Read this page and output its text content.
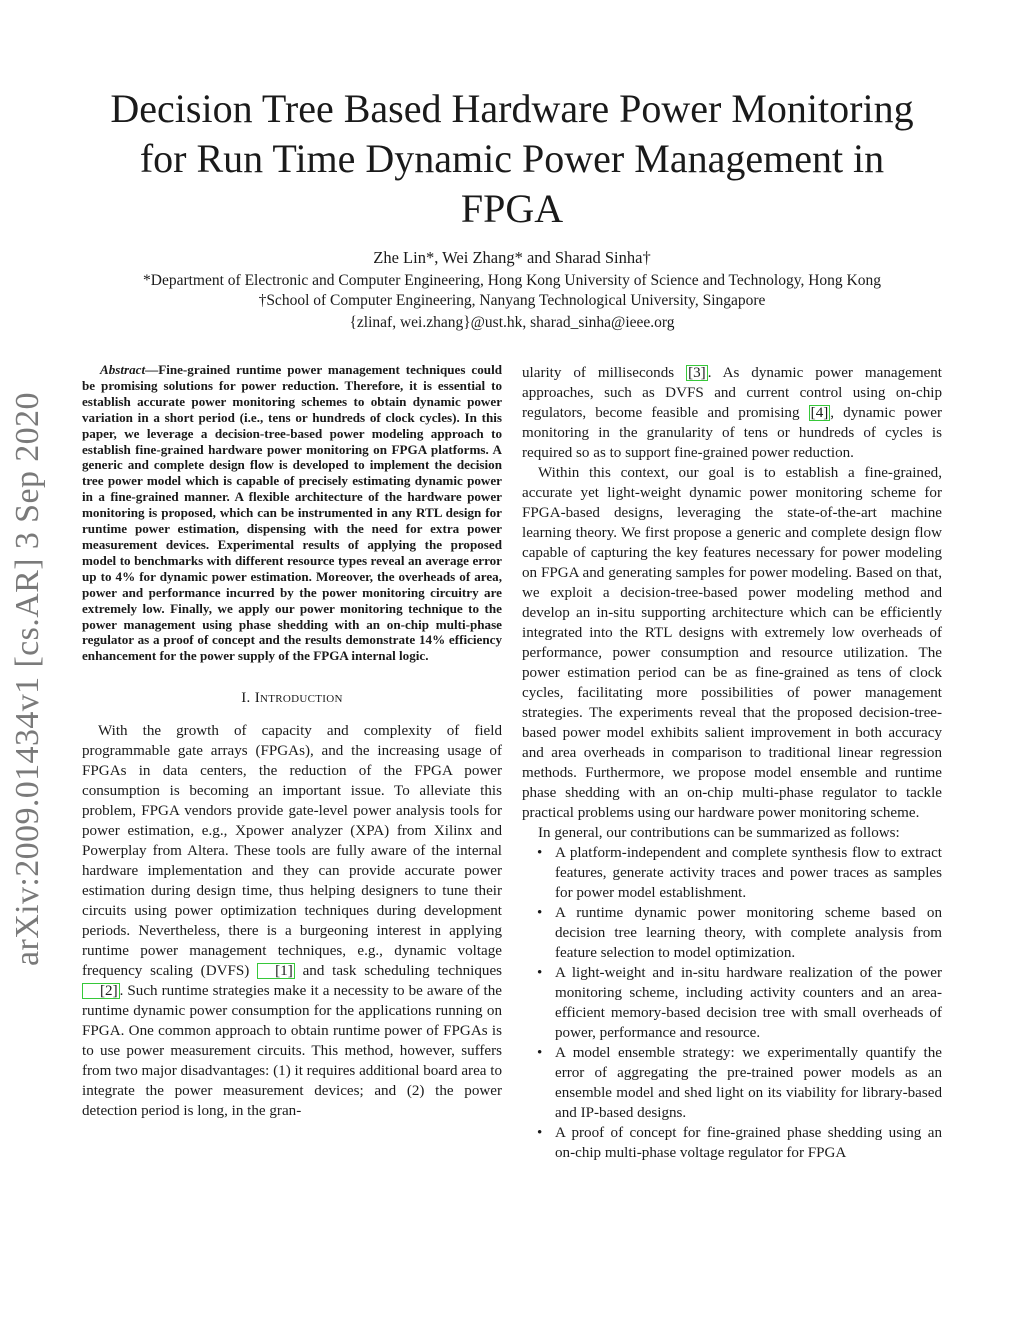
Decision Tree Based Hardware Power Monitoring
for Run Time Dynamic Power Management in
FPGA
Zhe Lin*, Wei Zhang* and Sharad Sinha†
*Department of Electronic and Computer Engineering, Hong Kong University of Science and Technology, Hong Kong
†School of Computer Engineering, Nanyang Technological University, Singapore
{zlinaf, wei.zhang}@ust.hk, sharad_sinha@ieee.org
arXiv:2009.01434v1 [cs.AR] 3 Sep 2020

Abstract—Fine-grained runtime power management techniques could be promising solutions for power reduction. Therefore, it is essential to establish accurate power monitoring schemes to obtain dynamic power variation in a short period (i.e., tens or hundreds of clock cycles). In this paper, we leverage a decision-tree-based power modeling approach to establish fine-grained hardware power monitoring on FPGA platforms. A generic and complete design flow is developed to implement the decision tree power model which is capable of precisely estimating dynamic power in a fine-grained manner. A flexible architecture of the hardware power monitoring is proposed, which can be instrumented in any RTL design for runtime power estimation, dispensing with the need for extra power measurement devices. Experimental results of applying the proposed model to benchmarks with different resource types reveal an average error up to 4% for dynamic power estimation. Moreover, the overheads of area, power and performance incurred by the power monitoring circuitry are extremely low. Finally, we apply our power monitoring technique to the power management using phase shedding with an on-chip multi-phase regulator as a proof of concept and the results demonstrate 14% efficiency enhancement for the power supply of the FPGA internal logic.

I. Introduction

With the growth of capacity and complexity of field programmable gate arrays (FPGAs), and the increasing usage of FPGAs in data centers, the reduction of the FPGA power consumption is becoming an important issue. To alleviate this problem, FPGA vendors provide gate-level power analysis tools for power estimation, e.g., Xpower analyzer (XPA) from Xilinx and Powerplay from Altera. These tools are fully aware of the internal hardware implementation and they can provide accurate power estimation during design time, thus helping designers to tune their circuits using power optimization techniques during development periods. Nevertheless, there is a burgeoning interest in applying runtime power management techniques, e.g., dynamic voltage frequency scaling (DVFS) [1] and task scheduling techniques [2] . Such runtime strategies make it a necessity to be aware of the runtime dynamic power consumption for the applications running on FPGA. One common approach to obtain runtime power of FPGAs is to use power measurement circuits. This method, however, suffers from two major disadvantages: (1) it requires additional board area to integrate the power measurement devices; and (2) the power detection period is long, in the gran-

ularity of milliseconds [3] . As dynamic power management approaches, such as DVFS and current control using on-chip regulators, become feasible and promising [4] , dynamic power monitoring in the granularity of tens or hundreds of cycles is required so as to support fine-grained power reduction.

Within this context, our goal is to establish a fine-grained, accurate yet light-weight dynamic power monitoring scheme for FPGA-based designs, leveraging the state-of-the-art machine learning theory. We first propose a generic and complete design flow capable of capturing the key features necessary for power modeling on FPGA and generating samples for power modeling. Based on that, we exploit a decision-tree-based power modeling method and develop an in-situ supporting architecture which can be efficiently integrated into the RTL designs with extremely low overheads of performance, power consumption and resource utilization. The power estimation period can be as fine-grained as tens of clock cycles, facilitating more possibilities of power management strategies. The experiments reveal that the proposed decision-tree-based power model exhibits salient improvement in both accuracy and area overheads in comparison to traditional linear regression methods. Furthermore, we propose model ensemble and runtime phase shedding with an on-chip multi-phase regulator to tackle practical problems using our hardware power monitoring scheme.

In general, our contributions can be summarized as follows:

• A platform-independent and complete synthesis flow to extract features, generate activity traces and power traces as samples for power model establishment.
• A runtime dynamic power monitoring scheme based on decision tree learning theory, with complete analysis from feature selection to model optimization.
• A light-weight and in-situ hardware realization of the power monitoring scheme, including activity counters and an area-efficient memory-based decision tree with small overheads of power, performance and resource.
• A model ensemble strategy: we experimentally quantify the error of aggregating the pre-trained power models as an ensemble model and shed light on its viability for library-based and IP-based designs.
• A proof of concept for fine-grained phase shedding using an on-chip multi-phase voltage regulator for FPGA
